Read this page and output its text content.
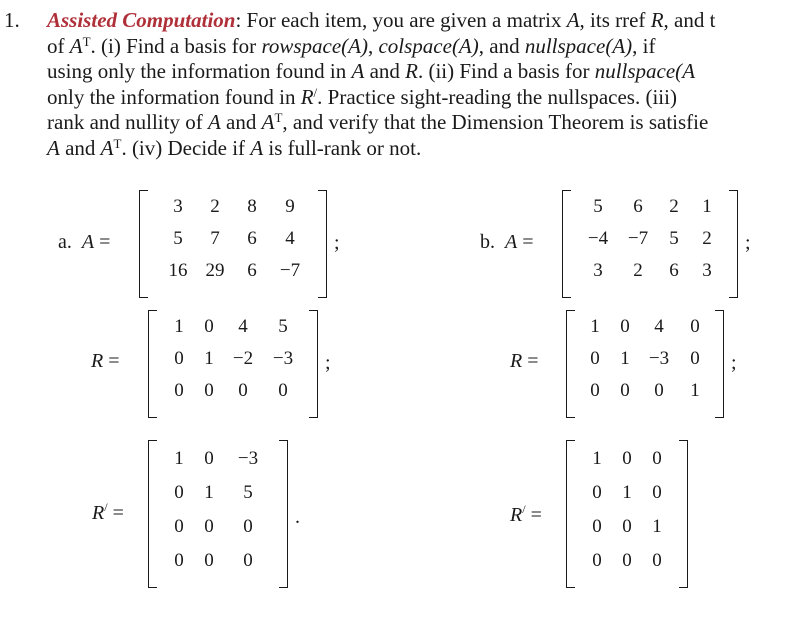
1. Assisted Computation: For each item, you are given a matrix A, its rref R, and t
of $A^T$. (i) Find a basis for rowspace(A), colspace(A), and nullspace(A), if
using only the information found in A and R. (ii) Find a basis for nullspace(A
only the information found in R/. Practice sight-reading the nullspaces. (iii)
rank and nullity of A and $A^T$, and verify that the Dimension Theorem is satisfie
A and $A^T$. (iv) Decide if A is full-rank or not.
a. A =
3	2	8	9
5	7	6	4
16 29	6	−7
;
R =
1	0	4	5
0	1	−2	−3
0	0	0	0
;
R/ =
1	0	−3
0	1	5
0	0	0
0	0	0
.
b. A =
5	6	2	1
−4	−7	5	2
3	2	6	3
;
R =
1	0	4	0
0	1	−3	0
0	0	0	1
;
R/ =
1	0	0
0	1	0
0	0	1
0	0	0
